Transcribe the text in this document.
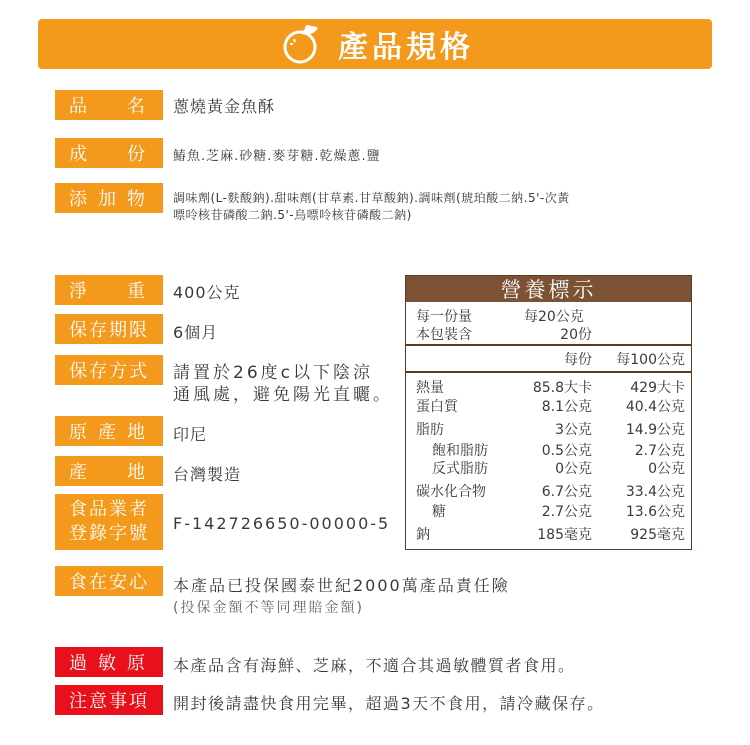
產品規格
品 名 蔥燒黃金魚酥
成 份 鰆魚.芝麻.砂糖.麥芽糖.乾燥蔥.鹽
添 加 物 調味劑(L-麩酸鈉).甜味劑(甘草素.甘草酸鈉).調味劑(琥珀酸二納.5'-次黃
嘌呤核苷磷酸二鈉.5'-烏嘌呤核苷磷酸二鈉)
淨 重 400公克
保存期限 6個月
保存方式 請置於26度c以下陰涼
通風處，避免陽光直曬。
原 產 地 印尼
產 地 台灣製造
食品業者
登錄字號 F-142726650-00000-5
食在安心 本產品已投保國泰世紀2000萬產品責任險
(投保金額不等同理賠金額)
過 敏 原 本產品含有海鮮、芝麻，不適合其過敏體質者食用。
注意事項 開封後請盡快食用完畢，超過3天不食用，請冷藏保存。
營養標示
每一份量	每20公克
本包裝含	20份
每份 每100公克
熱量	85.8大卡	429大卡
蛋白質	8.1公克 40.4公克
脂肪	3公克 14.9公克
飽和脂肪	0.5公克	2.7公克
反式脂肪	0公克	0公克
碳水化合物	6.7公克 33.4公克
糖	2.7公克 13.6公克
鈉	185毫克	925毫克
